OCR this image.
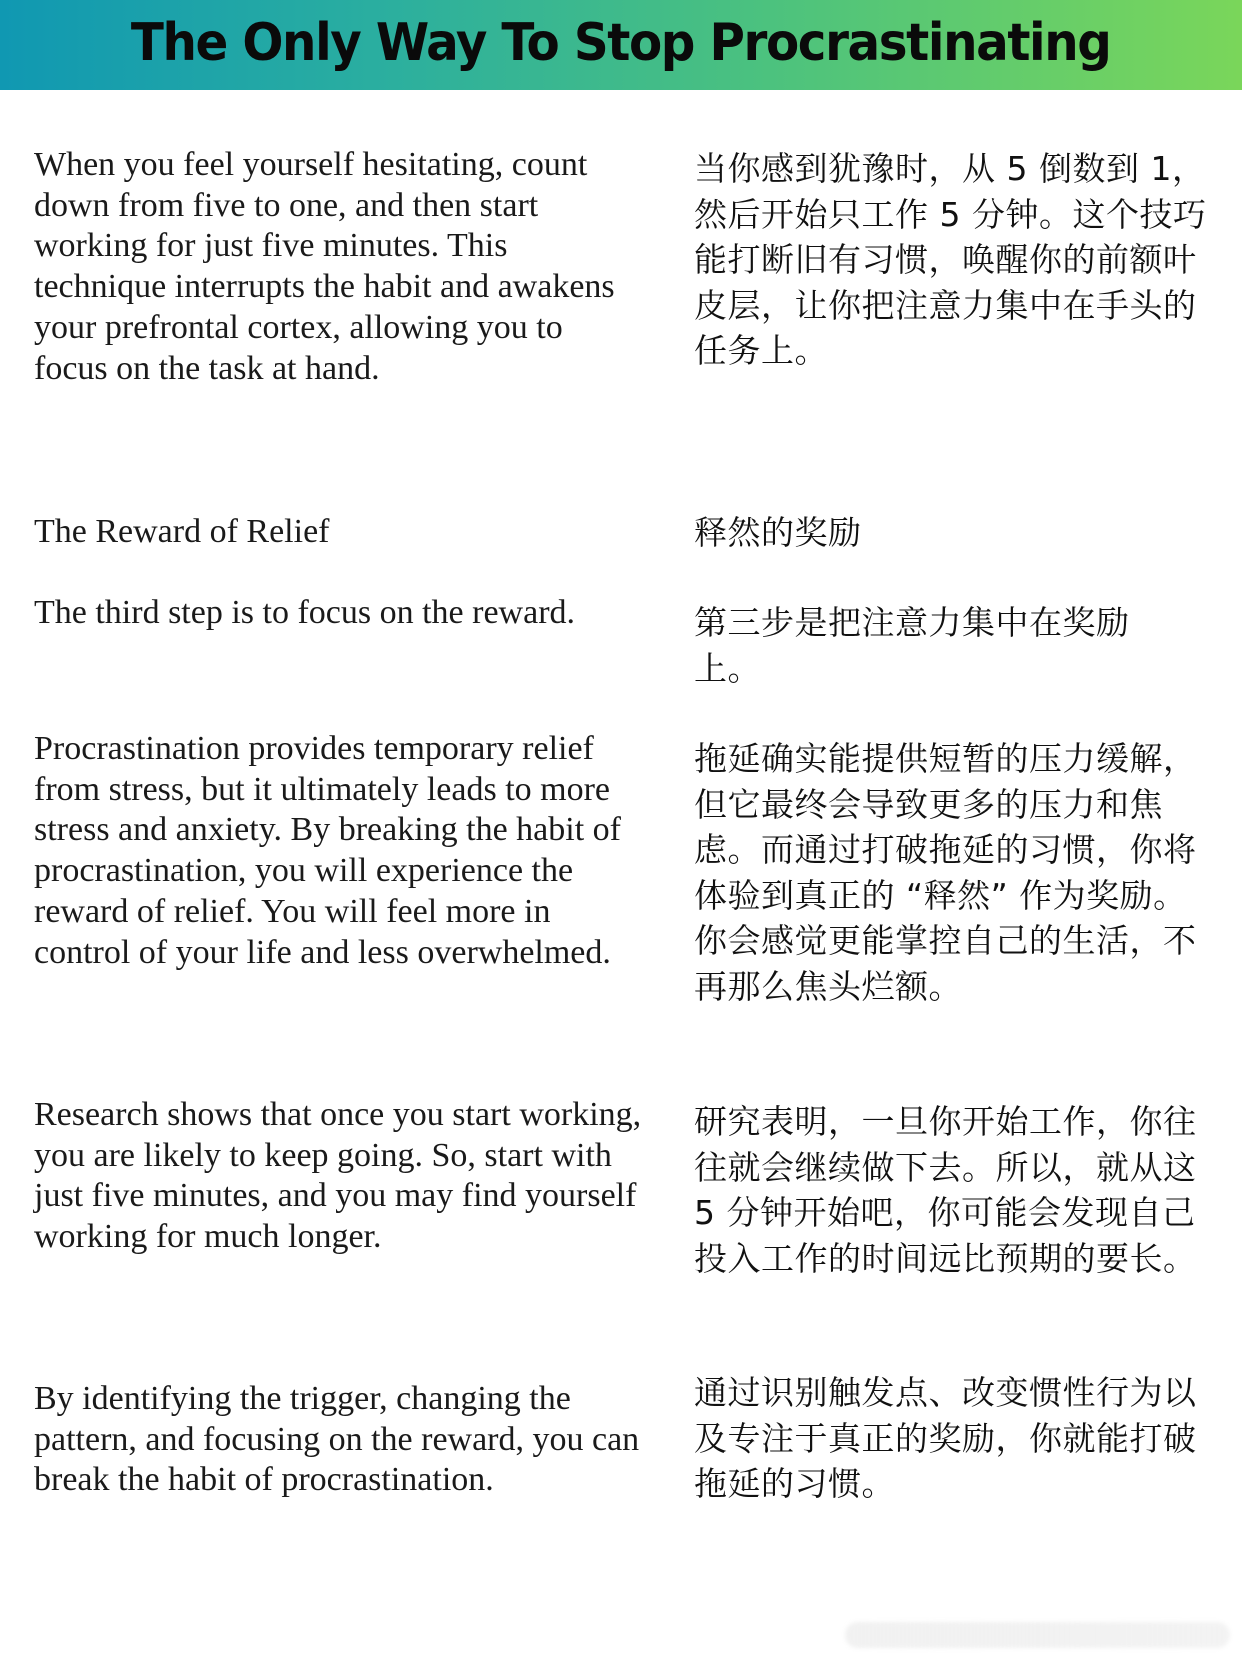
The Only Way To Stop Procrastinating

When you feel yourself hesitating, count down from five to one, and then start working for just five minutes. This technique interrupts the habit and awakens your prefrontal cortex, allowing you to focus on the task at hand.

当你感到犹豫时，从 5 倒数到 1，然后开始只工作 5 分钟。这个技巧能打断旧有习惯，唤醒你的前额叶皮层，让你把注意力集中在手头的任务上。

The Reward of Relief	释然的奖励

The third step is to focus on the reward.	第三步是把注意力集中在奖励上。

Procrastination provides temporary relief from stress, but it ultimately leads to more stress and anxiety. By breaking the habit of procrastination, you will experience the reward of relief. You will feel more in control of your life and less overwhelmed.

拖延确实能提供短暂的压力缓解，但它最终会导致更多的压力和焦虑。而通过打破拖延的习惯，你将体验到真正的 “释然” 作为奖励。你会感觉更能掌控自己的生活，不再那么焦头烂额。

Research shows that once you start working, you are likely to keep going. So, start with just five minutes, and you may find yourself working for much longer.

研究表明，一旦你开始工作，你往往就会继续做下去。所以，就从这 5 分钟开始吧，你可能会发现自己投入工作的时间远比预期的要长。

By identifying the trigger, changing the pattern, and focusing on the reward, you can break the habit of procrastination.

通过识别触发点、改变惯性行为以及专注于真正的奖励，你就能打破拖延的习惯。
